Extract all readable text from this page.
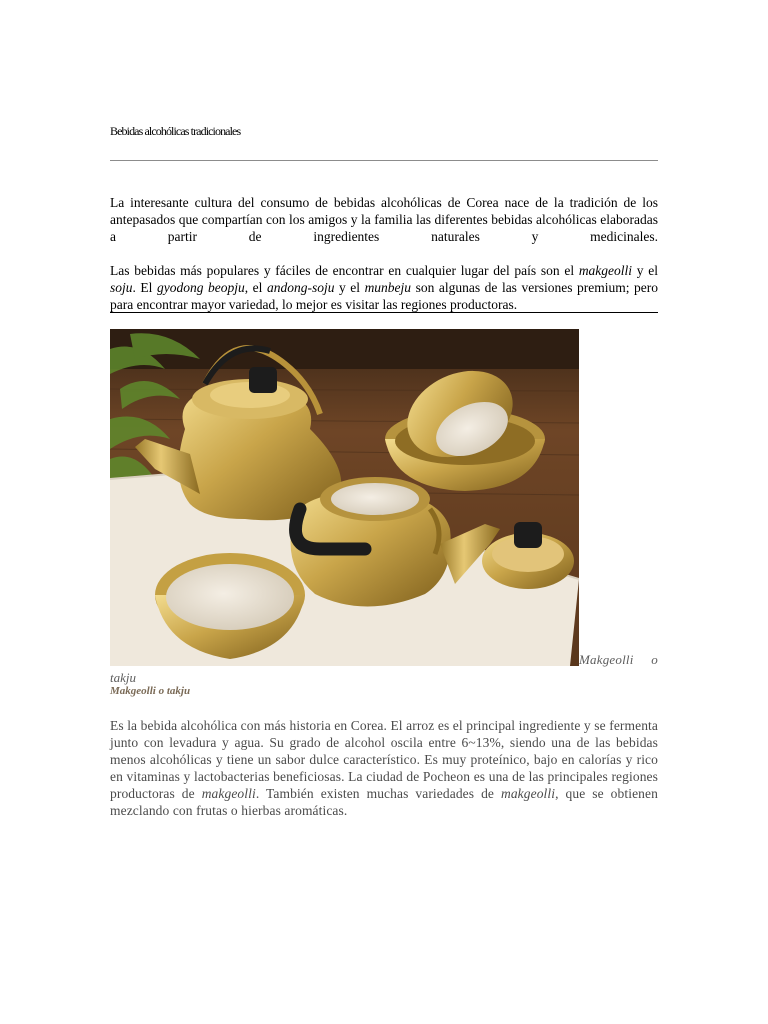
Bebidas alcohólicas tradicionales

La interesante cultura del consumo de bebidas alcohólicas de Corea nace de la tradición de los antepasados que compartían con los amigos y la familia las diferentes bebidas alcohólicas elaboradas a partir de ingredientes naturales y medicinales.

Las bebidas más populares y fáciles de encontrar en cualquier lugar del país son el makgeolli y el soju. El gyodong beopju, el andong-soju y el munbeju son algunas de las versiones premium; pero para encontrar mayor variedad, lo mejor es visitar las regiones productoras.

Makgeolli o
takju
Makgeolli o takju

Es la bebida alcohólica con más historia en Corea. El arroz es el principal ingrediente y se fermenta junto con levadura y agua. Su grado de alcohol oscila entre 6~13%, siendo una de las bebidas menos alcohólicas y tiene un sabor dulce característico. Es muy proteínico, bajo en calorías y rico en vitaminas y lactobacterias beneficiosas. La ciudad de Pocheon es una de las principales regiones productoras de makgeolli. También existen muchas variedades de makgeolli, que se obtienen mezclando con frutas o hierbas aromáticas.
